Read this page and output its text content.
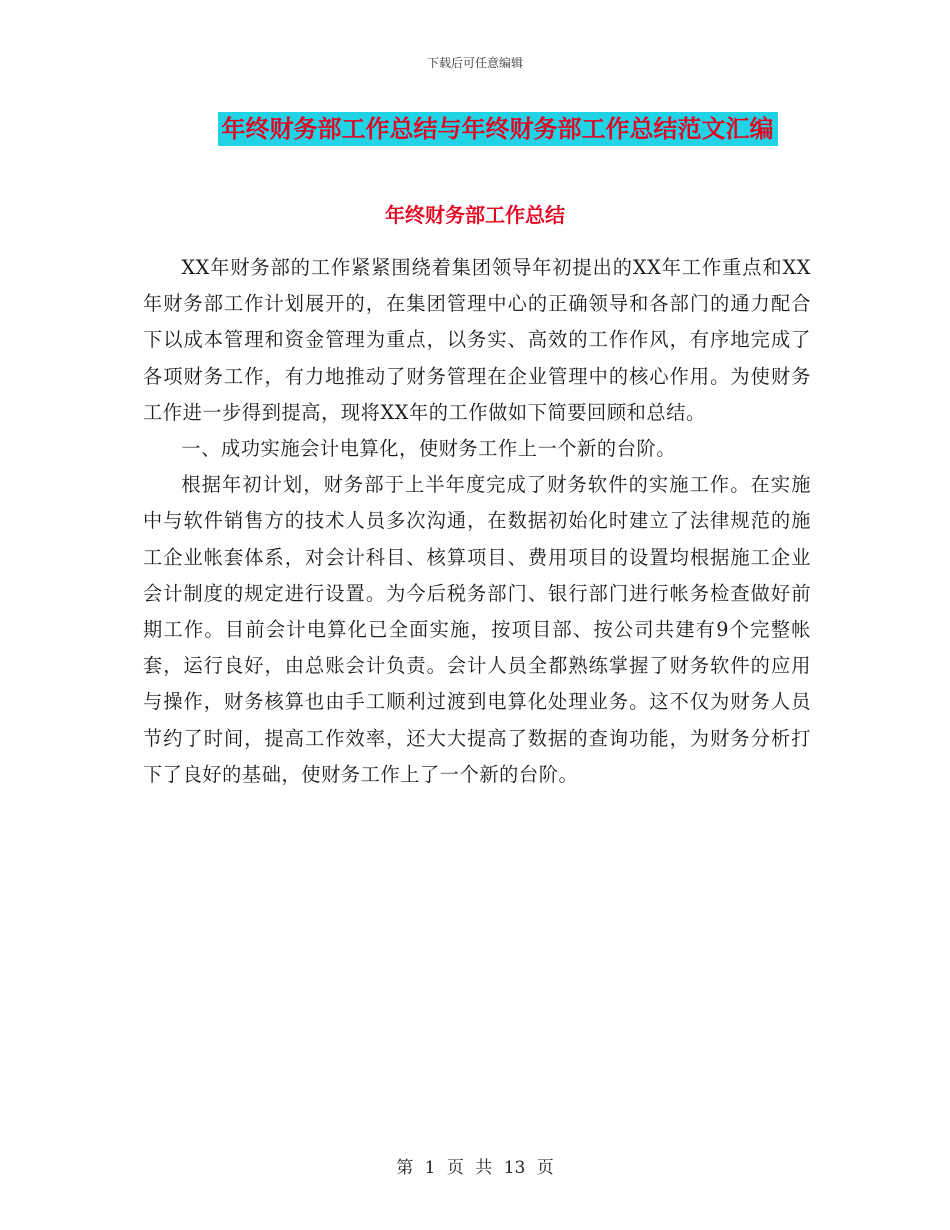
下载后可任意编辑
年终财务部工作总结与年终财务部工作总结范文汇编
年终财务部工作总结

XX年财务部的工作紧紧围绕着集团领导年初提出的XX年工作重点和XX年财务部工作计划展开的，在集团管理中心的正确领导和各部门的通力配合下以成本管理和资金管理为重点，以务实、高效的工作作风，有序地完成了各项财务工作，有力地推动了财务管理在企业管理中的核心作用。为使财务工作进一步得到提高，现将XX年的工作做如下简要回顾和总结。

一、成功实施会计电算化，使财务工作上一个新的台阶。

根据年初计划，财务部于上半年度完成了财务软件的实施工作。在实施中与软件销售方的技术人员多次沟通，在数据初始化时建立了法律规范的施工企业帐套体系，对会计科目、核算项目、费用项目的设置均根据施工企业会计制度的规定进行设置。为今后税务部门、银行部门进行帐务检查做好前期工作。目前会计电算化已全面实施，按项目部、按公司共建有9个完整帐套，运行良好，由总账会计负责。会计人员全都熟练掌握了财务软件的应用与操作，财务核算也由手工顺利过渡到电算化处理业务。这不仅为财务人员节约了时间，提高工作效率，还大大提高了数据的查询功能，为财务分析打下了良好的基础，使财务工作上了一个新的台阶。

第 1 页 共 13 页
